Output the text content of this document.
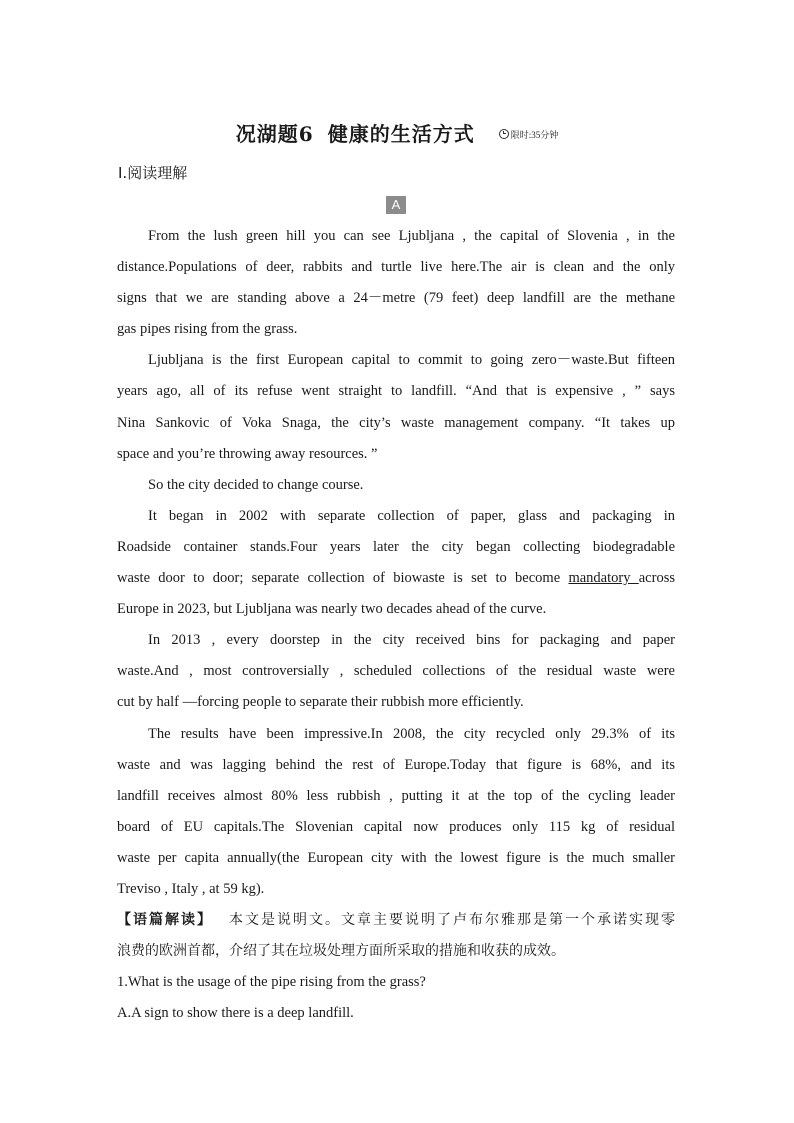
况湖题6 健康的生活方式	限时:35分钟
Ⅰ.阅读理解
A
From the lush green hill you can see Ljubljana , the capital of Slovenia , in the
distance.Populations of deer, rabbits and turtle live here.The air is clean and the only
signs that we are standing above a 24－metre (79 feet) deep landfill are the methane
gas pipes rising from the grass.
Ljubljana is the first European capital to commit to going zero－waste.But fifteen
years ago, all of its refuse went straight to landfill. “And that is expensive , ” says
Nina Sankovic of Voka Snaga, the city’s waste management company. “It takes up
space and you’re throwing away resources. ”
So the city decided to change course.
It began in 2002 with separate collection of paper, glass and packaging in
Roadside container stands.Four years later the city began collecting biodegradable
waste door to door; separate collection of biowaste is set to become mandatory across
Europe in 2023, but Ljubljana was nearly two decades ahead of the curve.
In 2013 , every doorstep in the city received bins for packaging and paper
waste.And , most controversially , scheduled collections of the residual waste were
cut by half —forcing people to separate their rubbish more efficiently.
The results have been impressive.In 2008, the city recycled only 29.3% of its
waste and was lagging behind the rest of Europe.Today that figure is 68%, and its
landfill receives almost 80% less rubbish , putting it at the top of the cycling leader
board of EU capitals.The Slovenian capital now produces only 115 kg of residual
waste per capita annually(the European city with the lowest figure is the much smaller
Treviso , Italy , at 59 kg).
【语篇解读】 本文是说明文。文章主要说明了卢布尔雅那是第一个承诺实现零
浪费的欧洲首都，介绍了其在垃圾处理方面所采取的措施和收获的成效。
1.What is the usage of the pipe rising from the grass?
A.A sign to show there is a deep landfill.
